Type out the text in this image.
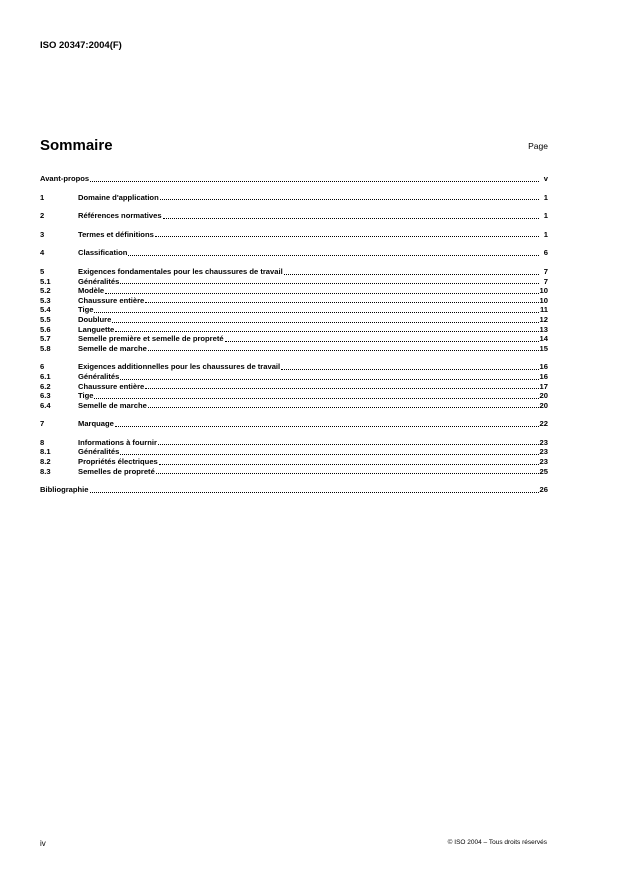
ISO 20347:2004(F)
Sommaire	Page
Avant-propos	v
1	Domaine d'application	1
2	Références normatives	1
3	Termes et définitions	1
4	Classification	6
5	Exigences fondamentales pour les chaussures de travail	7
5.1	Généralités	7
5.2	Modèle	10
5.3	Chaussure entière	10
5.4	Tige	11
5.5	Doublure	12
5.6	Languette	13
5.7	Semelle première et semelle de propreté	14
5.8	Semelle de marche	15
6	Exigences additionnelles pour les chaussures de travail	16
6.1	Généralités	16
6.2	Chaussure entière	17
6.3	Tige	20
6.4	Semelle de marche	20
7	Marquage	22
8	Informations à fournir	23
8.1	Généralités	23
8.2	Propriétés électriques	23
8.3	Semelles de propreté	25
Bibliographie	26
iv	© ISO 2004 – Tous droits réservés
